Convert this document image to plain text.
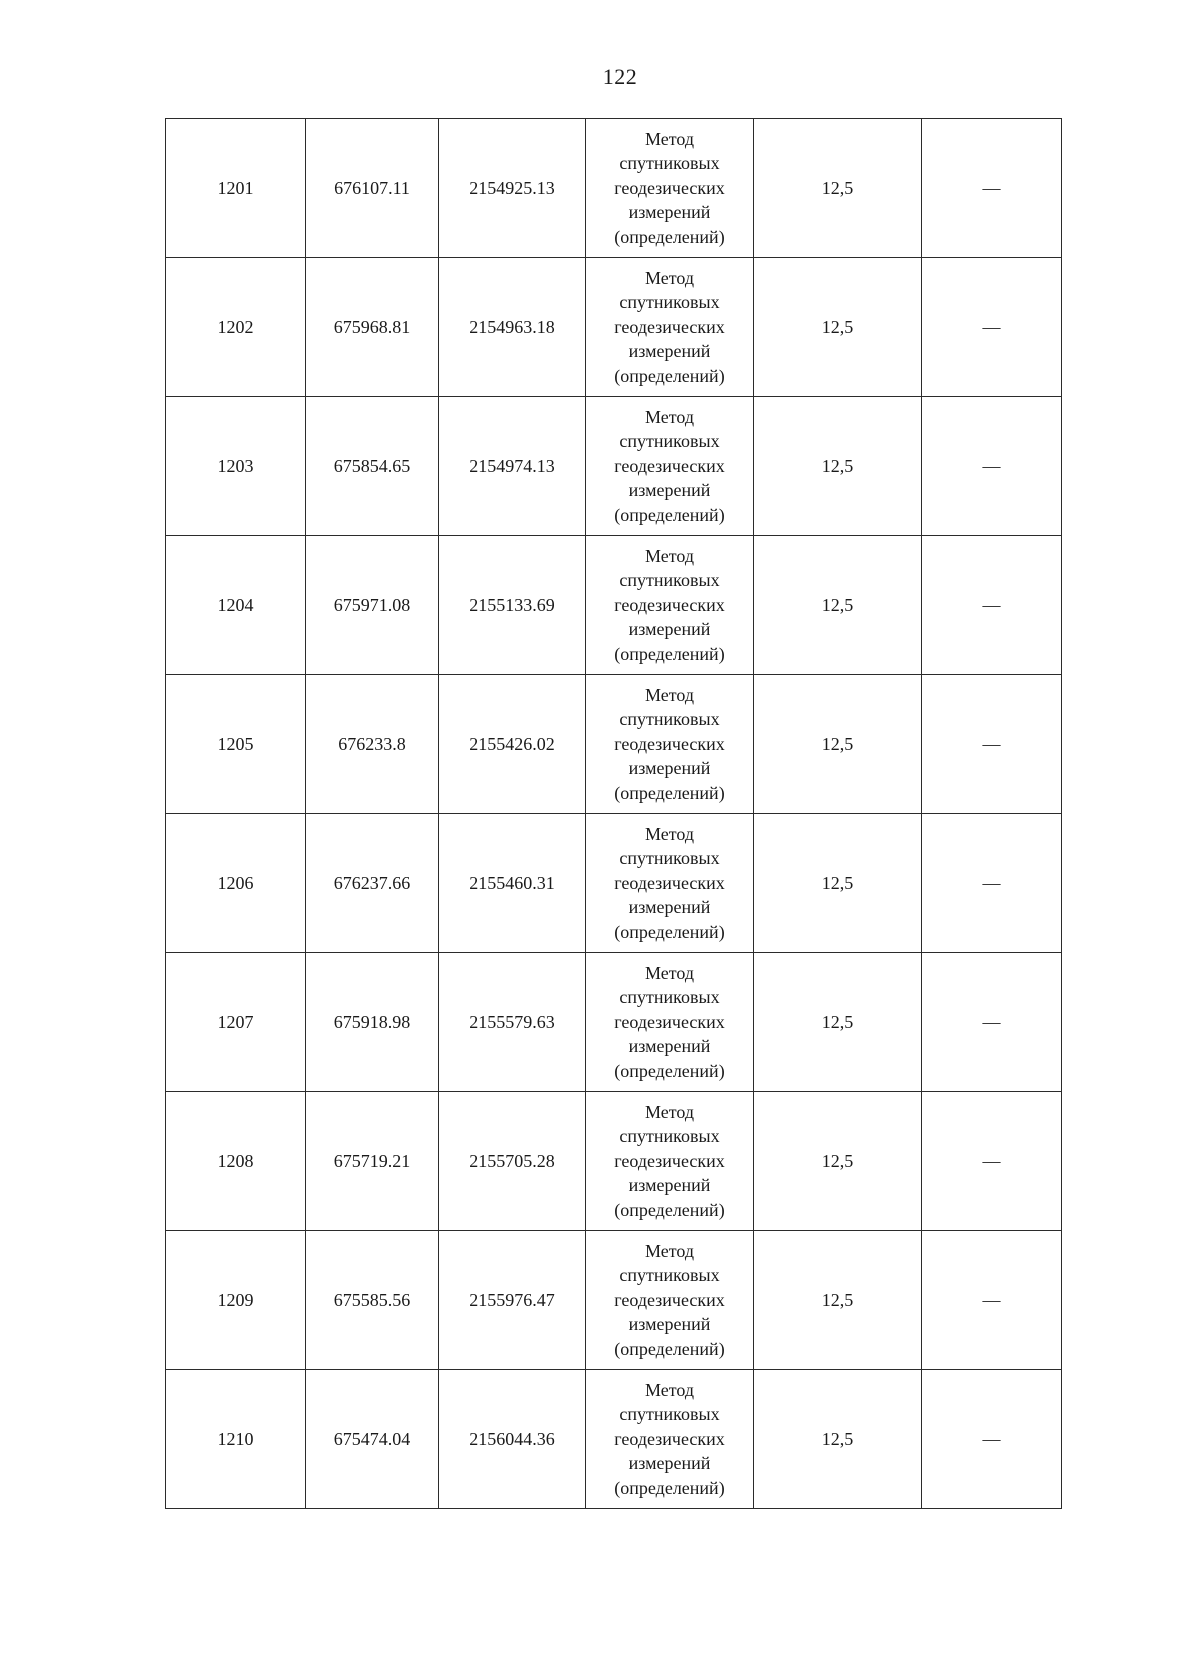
122
1201	676107.11	2154925.13	Метод
спутниковых
геодезических
измерений
(определений)	12,5	—
1202	675968.81	2154963.18	Метод
спутниковых
геодезических
измерений
(определений)	12,5	—
1203	675854.65	2154974.13	Метод
спутниковых
геодезических
измерений
(определений)	12,5	—
1204	675971.08	2155133.69	Метод
спутниковых
геодезических
измерений
(определений)	12,5	—
1205	676233.8	2155426.02	Метод
спутниковых
геодезических
измерений
(определений)	12,5	—
1206	676237.66	2155460.31	Метод
спутниковых
геодезических
измерений
(определений)	12,5	—
1207	675918.98	2155579.63	Метод
спутниковых
геодезических
измерений
(определений)	12,5	—
1208	675719.21	2155705.28	Метод
спутниковых
геодезических
измерений
(определений)	12,5	—
1209	675585.56	2155976.47	Метод
спутниковых
геодезических
измерений
(определений)	12,5	—
1210	675474.04	2156044.36	Метод
спутниковых
геодезических
измерений
(определений)	12,5	—
